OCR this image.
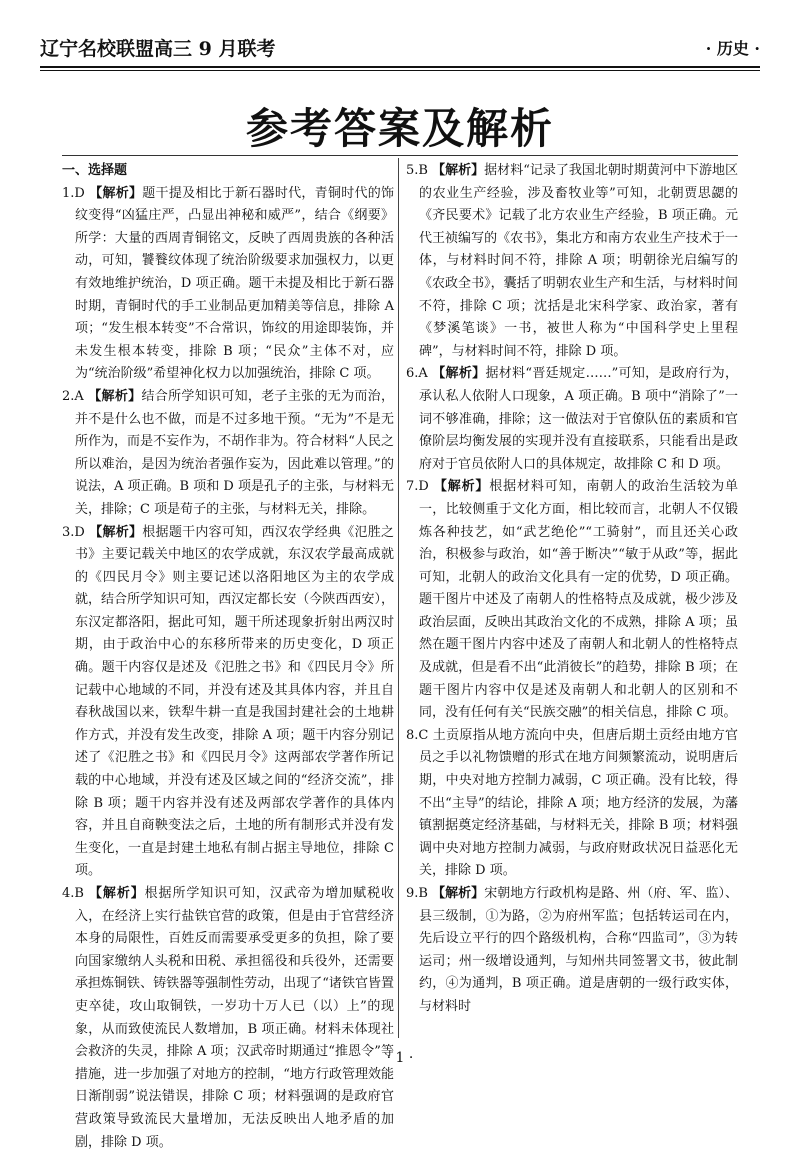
辽宁名校联盟高三 9 月联考	· 历史 ·
参考答案及解析

一、选择题

1.D 【解析】题干提及相比于新石器时代，青铜时代的饰纹变得“凶猛庄严，凸显出神秘和威严”，结合《纲要》所学：大量的西周青铜铭文，反映了西周贵族的各种活动，可知，饕餮纹体现了统治阶级要求加强权力，以更有效地维护统治，D 项正确。题干未提及相比于新石器时期，青铜时代的手工业制品更加精美等信息，排除 A 项；“发生根本转变”不合常识，饰纹的用途即装饰，并未发生根本转变，排除 B 项；“民众”主体不对，应为“统治阶级”希望神化权力以加强统治，排除 C 项。

2.A 【解析】结合所学知识可知，老子主张的无为而治，并不是什么也不做，而是不过多地干预。“无为”不是无所作为，而是不妄作为，不胡作非为。符合材料“人民之所以难治，是因为统治者强作妄为，因此难以管理。”的说法，A 项正确。B 项和 D 项是孔子的主张，与材料无关，排除；C 项是荀子的主张，与材料无关，排除。

3.D 【解析】根据题干内容可知，西汉农学经典《氾胜之书》主要记载关中地区的农学成就，东汉农学最高成就的《四民月令》则主要记述以洛阳地区为主的农学成就，结合所学知识可知，西汉定都长安（今陕西西安），东汉定都洛阳，据此可知，题干所述现象折射出两汉时期，由于政治中心的东移所带来的历史变化，D 项正确。题干内容仅是述及《氾胜之书》和《四民月令》所记载中心地域的不同，并没有述及其具体内容，并且自春秋战国以来，铁犁牛耕一直是我国封建社会的土地耕作方式，并没有发生改变，排除 A 项；题干内容分别记述了《氾胜之书》和《四民月令》这两部农学著作所记载的中心地域，并没有述及区域之间的“经济交流”，排除 B 项；题干内容并没有述及两部农学著作的具体内容，并且自商鞅变法之后，土地的所有制形式并没有发生变化，一直是封建土地私有制占据主导地位，排除 C 项。

4.B 【解析】根据所学知识可知，汉武帝为增加赋税收入，在经济上实行盐铁官营的政策，但是由于官营经济本身的局限性，百姓反而需要承受更多的负担，除了要向国家缴纳人头税和田税、承担徭役和兵役外，还需要承担炼铜铁、铸铁器等强制性劳动，出现了“诸铁官皆置吏卒徒，攻山取铜铁，一岁功十万人已（以）上”的现象，从而致使流民人数增加，B 项正确。材料未体现社会救济的失灵，排除 A 项；汉武帝时期通过“推恩令”等措施，进一步加强了对地方的控制，“地方行政管理效能日渐削弱”说法错误，排除 C 项；材料强调的是政府官营政策导致流民大量增加，无法反映出人地矛盾的加剧，排除 D 项。

5.B 【解析】据材料“记录了我国北朝时期黄河中下游地区的农业生产经验，涉及畜牧业等”可知，北朝贾思勰的《齐民要术》记载了北方农业生产经验，B 项正确。元代王祯编写的《农书》，集北方和南方农业生产技术于一体，与材料时间不符，排除 A 项；明朝徐光启编写的《农政全书》，囊括了明朝农业生产和生活，与材料时间不符，排除 C 项；沈括是北宋科学家、政治家，著有《梦溪笔谈》一书，被世人称为“中国科学史上里程碑”，与材料时间不符，排除 D 项。

6.A 【解析】据材料“晋廷规定……”可知，是政府行为，承认私人依附人口现象，A 项正确。B 项中“消除了”一词不够准确，排除；这一做法对于官僚队伍的素质和官僚阶层均衡发展的实现并没有直接联系，只能看出是政府对于官员依附人口的具体规定，故排除 C 和 D 项。

7.D 【解析】根据材料可知，南朝人的政治生活较为单一，比较侧重于文化方面，相比较而言，北朝人不仅锻炼各种技艺，如“武艺绝伦”“工骑射”，而且还关心政治，积极参与政治，如“善于断决”“敏于从政”等，据此可知，北朝人的政治文化具有一定的优势，D 项正确。题干图片中述及了南朝人的性格特点及成就，极少涉及政治层面，反映出其政治文化的不成熟，排除 A 项；虽然在题干图片内容中述及了南朝人和北朝人的性格特点及成就，但是看不出“此消彼长”的趋势，排除 B 项；在题干图片内容中仅是述及南朝人和北朝人的区别和不同，没有任何有关“民族交融”的相关信息，排除 C 项。

8.C 土贡原指从地方流向中央，但唐后期土贡经由地方官员之手以礼物馈赠的形式在地方间频繁流动，说明唐后期，中央对地方控制力减弱，C 项正确。没有比较，得不出“主导”的结论，排除 A 项；地方经济的发展，为藩镇割据奠定经济基础，与材料无关，排除 B 项；材料强调中央对地方控制力减弱，与政府财政状况日益恶化无关，排除 D 项。

9.B 【解析】宋朝地方行政机构是路、州（府、军、监）、县三级制，①为路，②为府州军监；包括转运司在内，先后设立平行的四个路级机构，合称“四监司”，③为转运司；州一级增设通判，与知州共同签署文书，彼此制约，④为通判，B 项正确。道是唐朝的一级行政实体，与材料时

· 1 ·
